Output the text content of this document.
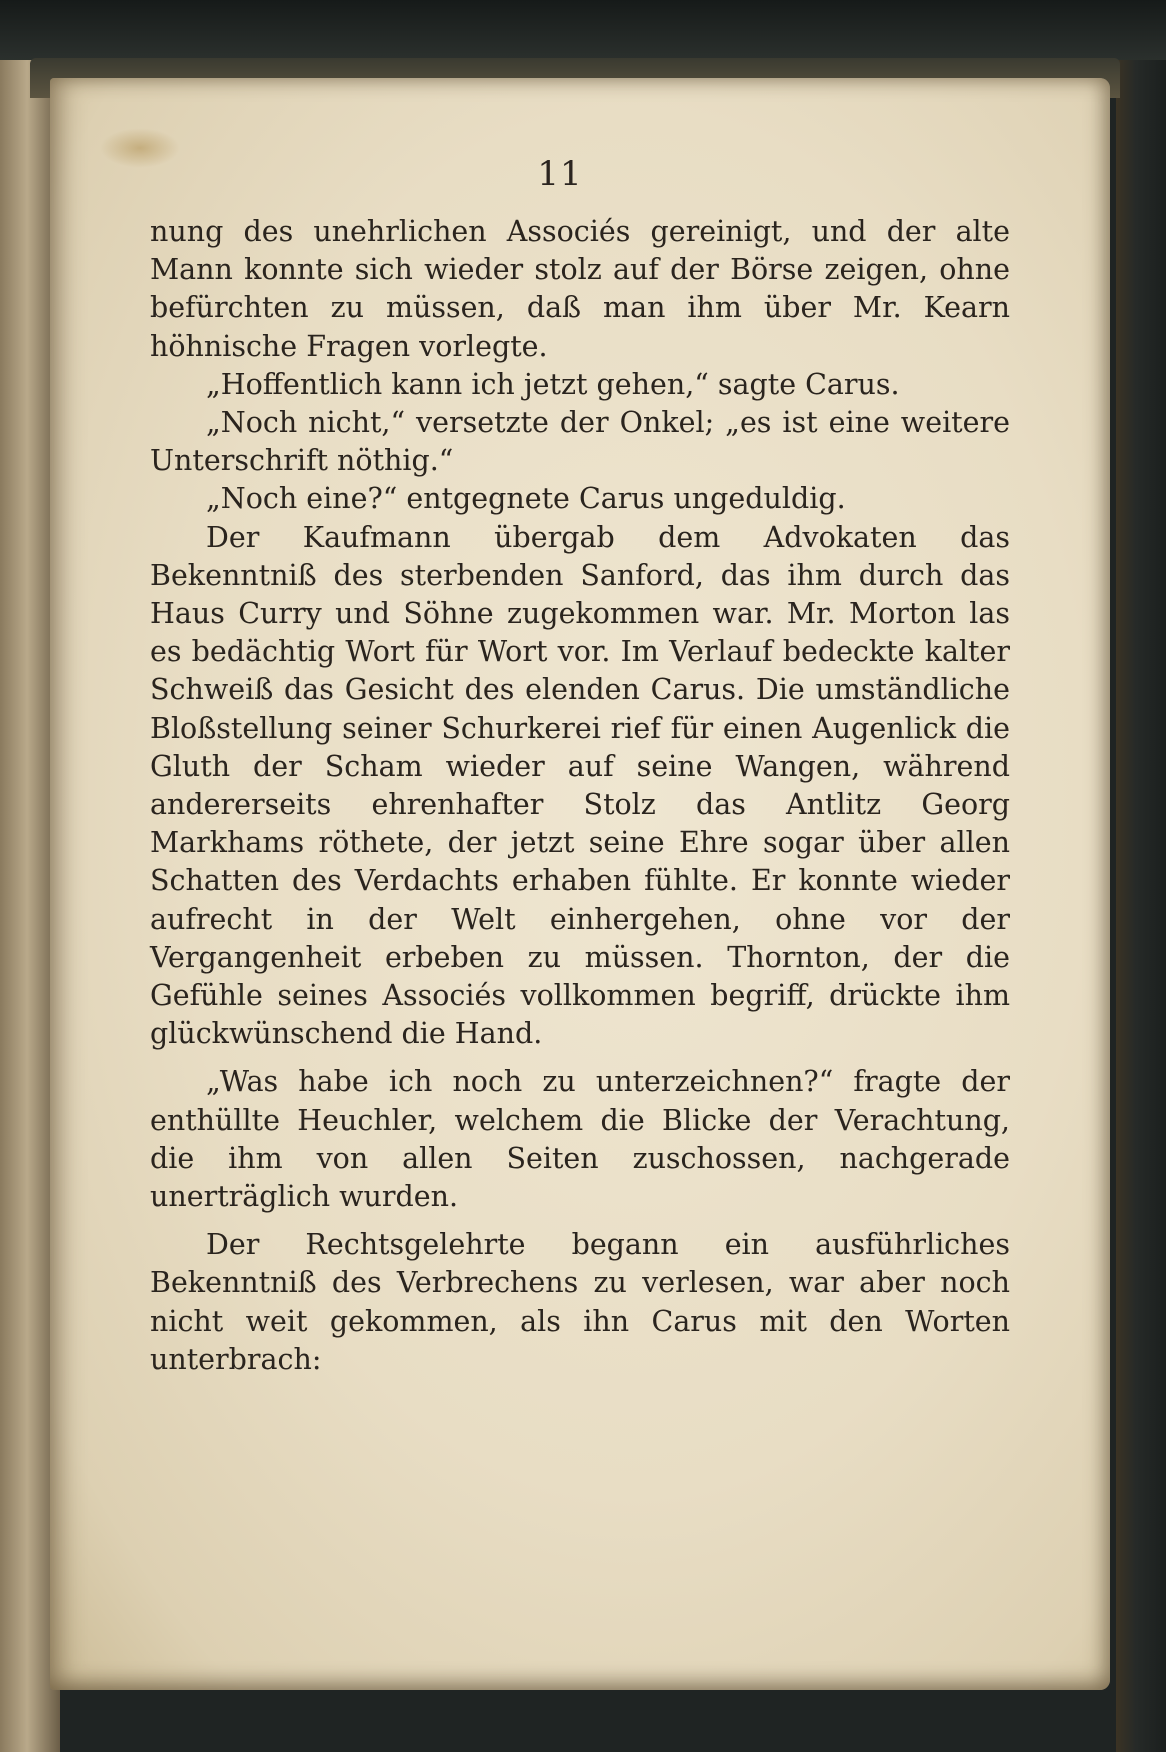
11

nung des unehrlichen Associés gereinigt, und der alte Mann konnte sich wieder stolz auf der Börse zeigen, ohne befürchten zu müssen, daß man ihm über Mr. Kearn höhnische Fragen vorlegte.

„Hoffentlich kann ich jetzt gehen,“ sagte Carus.

„Noch nicht,“ versetzte der Onkel; „es ist eine weitere Unterschrift nöthig.“

„Noch eine?“ entgegnete Carus ungeduldig.

Der Kaufmann übergab dem Advokaten das Bekenntniß des sterbenden Sanford, das ihm durch das Haus Curry und Söhne zugekommen war. Mr. Morton las es bedächtig Wort für Wort vor. Im Verlauf bedeckte kalter Schweiß das Gesicht des elenden Carus. Die umständliche Bloßstellung seiner Schurkerei rief für einen Augenlick die Gluth der Scham wieder auf seine Wangen, während andererseits ehrenhafter Stolz das Antlitz Georg Markhams röthete, der jetzt seine Ehre sogar über allen Schatten des Verdachts erhaben fühlte. Er konnte wieder aufrecht in der Welt einhergehen, ohne vor der Vergangenheit erbeben zu müssen. Thornton, der die Gefühle seines Associés vollkommen begriff, drückte ihm glückwünschend die Hand.

„Was habe ich noch zu unterzeichnen?“ fragte der enthüllte Heuchler, welchem die Blicke der Verachtung, die ihm von allen Seiten zuschossen, nachgerade unerträglich wurden.

Der Rechtsgelehrte begann ein ausführliches Bekenntniß des Verbrechens zu verlesen, war aber noch nicht weit gekommen, als ihn Carus mit den Worten unterbrach:
